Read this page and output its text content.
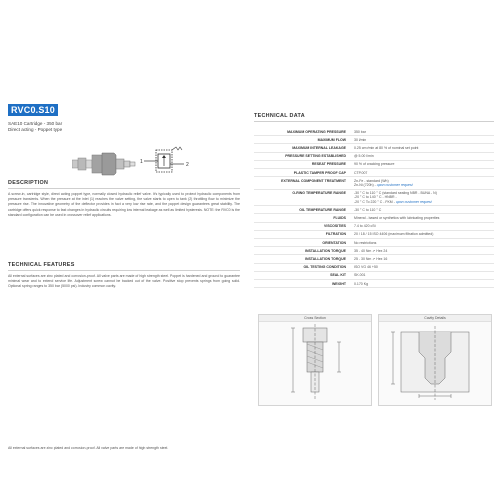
RVC0.S10
SAE10 Cartridge - 350 bar
Direct acting - Poppet type
1	2
DESCRIPTION
A screw-in, cartridge style, direct acting poppet type, normally closed hydraulic relief valve. It's typically used to protect hydraulic components from pressure transients. When the pressure at the inlet (1) reaches the valve setting, the valve starts to open to tank (2) throttling flow to minimize the pressure rise. The innovative geometry of the deflector provides in fact a very low rise rate, and the poppet design guarantees great stability. The cartridge offers quick response to fast changes in hydraulic circuits requiring low internal leakage as well as limited hysteresis. NOTE: the RVC0 is the standard configuration can be used in crossover relief applications.
TECHNICAL FEATURES
All external surfaces are zinc plated and corrosion-proof. All valve parts are made of high strength steel. Poppet is hardened and ground to guarantee minimal wear and to extend service life. Adjustment screw cannot be backed out of the valve. Positive stop prevents springs from going solid. Optional spring ranges to 350 bar (5000 psi). Industry common cavity.
All external surfaces are zinc plated and corrosion-proof. All valve parts are made of high strength steel.
TECHNICAL DATA
MAXIMUM OPERATING PRESSURE	350 bar
MAXIMUM FLOW	30 l/min
MAXIMUM INTERNAL LEAKAGE	0.25 cm³/min at 80 % of nominal set point
PRESSURE SETTING ESTABLISHED	@ 5.00 l/min
RESEAT PRESSURE	90 % of cracking pressure
PLASTIC TAMPER PROOF CAP	CTP.007
EXTERNAL COMPONENT TREATMENT	Zn-Fe - standard (Wh)
Zn-Ni (720h) - upon customer request
O-RING TEMPERATURE RANGE	-30 ° C to 110 ° C (standard sealing NBR - BUNA - N)
-20 ° C to 140 ° C - HNBR -
-20 ° C To 220 ° C - FKM - upon customer request
OIL TEMPERATURE RANGE	-30 ° C to 110 ° C
FLUIDS	Mineral - based or synthetics with lubricating properties
VISCOSITIES	7.4 to 420 cSt
FILTRATION	20 / 18 / 15 ISO 4406 (maximum filtration admitted)
ORIENTATION	No restrictions
INSTALLATION TORQUE	35 - 40 Nm ⇗ Hex 24
INSTALLATION TORQUE	25 - 30 Nm ⇗ Hex 16
OIL TESTING CONDITION	ISO VG 46 +50
SEAL KIT	SK.001
WEIGHT	0.170 Kg
Cross Section	Cavity Details
